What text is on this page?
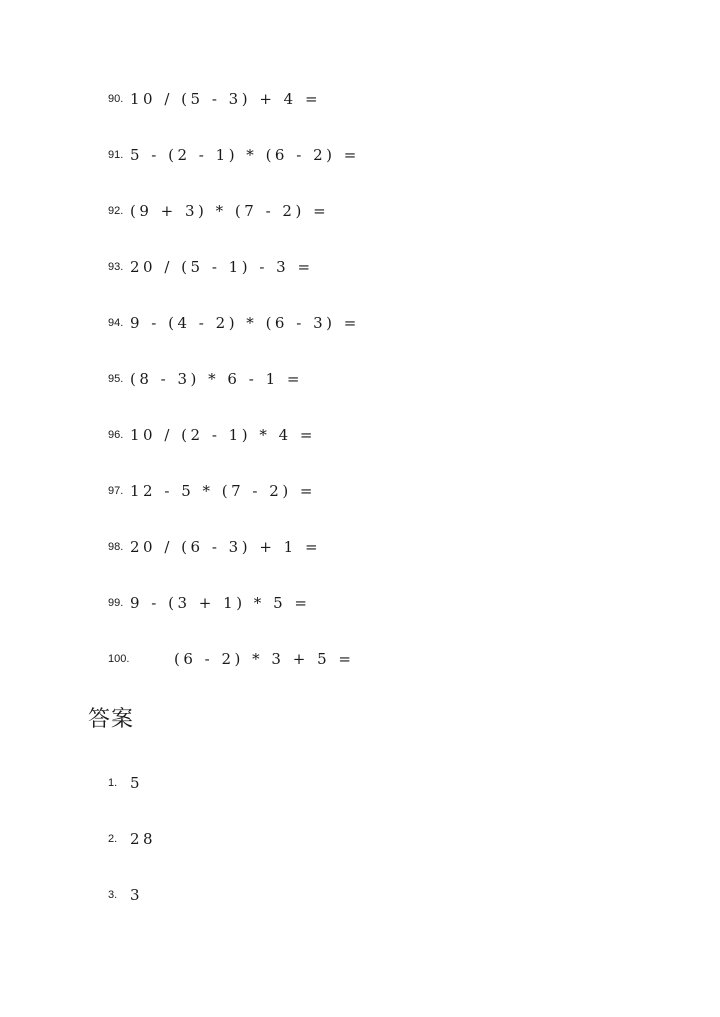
90. 10 / (5 - 3) + 4 =
91. 5 - (2 - 1) * (6 - 2) =
92. (9 + 3) * (7 - 2) =
93. 20 / (5 - 1) - 3 =
94. 9 - (4 - 2) * (6 - 3) =
95. (8 - 3) * 6 - 1 =
96. 10 / (2 - 1) * 4 =
97. 12 - 5 * (7 - 2) =
98. 20 / (6 - 3) + 1 =
99. 9 - (3 + 1) * 5 =
100.	(6 - 2) * 3 + 5 =
答案
1. 5
2. 28
3. 3
